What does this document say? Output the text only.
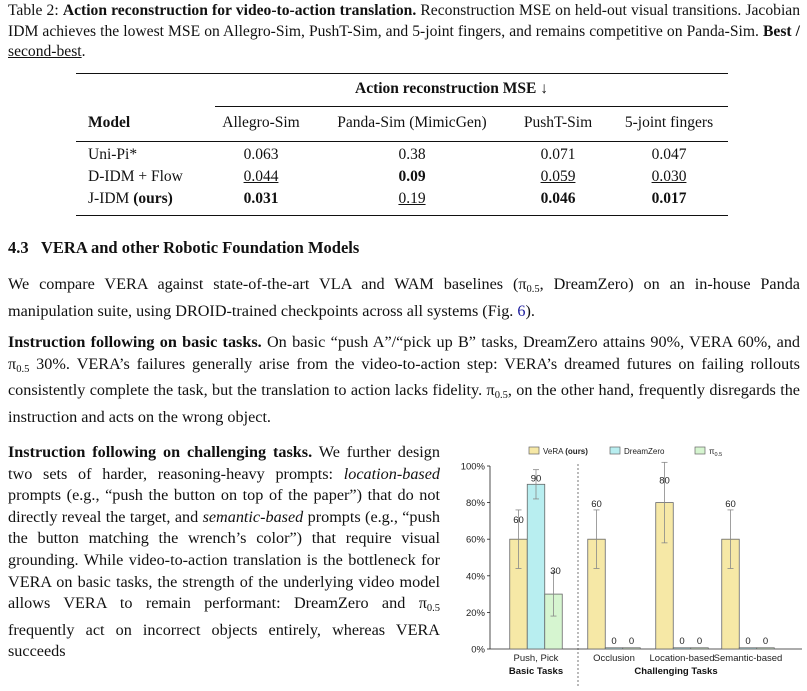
Table 2: Action reconstruction for video-to-action translation. Reconstruction MSE on held-out visual transitions. Jacobian IDM achieves the lowest MSE on Allegro-Sim, PushT-Sim, and 5-joint fingers, and remains competitive on Panda-Sim. Best / second-best.
Action reconstruction MSE ↓
Model	Allegro-Sim	Panda-Sim (MimicGen)	PushT-Sim	5-joint fingers
Uni-Pi*	0.063	0.38	0.071	0.047
D-IDM + Flow	0.044	0.09	0.059	0.030
J-IDM (ours)	0.031	0.19	0.046	0.017
4.3 VERA and other Robotic Foundation Models
We compare VERA against state-of-the-art VLA and WAM baselines ($\pi_{0.5}$, DreamZero) on an in-house Panda manipulation suite, using DROID-trained checkpoints across all systems (Fig. 6).
Instruction following on basic tasks. On basic “push A”/“pick up B” tasks, DreamZero attains 90%, VERA 60%, and $\pi_{0.5}$ 30%. VERA’s failures generally arise from the video-to-action step: VERA’s dreamed futures on failing rollouts consistently complete the task, but the translation to action lacks fidelity. $\pi_{0.5}$, on the other hand, frequently disregards the instruction and acts on the wrong object.
Instruction following on challenging tasks. We further design two sets of harder, reasoning-heavy prompts: location-based prompts (e.g., “push the button on top of the paper”) that do not directly reveal the target, and semantic-based prompts (e.g., “push the button matching the wrench’s color”) that require visual grounding. While video-to-action translation is the bottleneck for VERA on basic tasks, the strength of the underlying video model allows VERA to remain performant: DreamZero and $\pi_{0.5}$ frequently act on incorrect objects entirely, whereas VERA succeeds
VeRA (ours)	DreamZero	$\pi_{0.5}$
0%
20%
40%
60%
80%
100%
60
90
30
60
0 0
80
0 0
60
0 0
Push, Pick	Occlusion Location-based Semantic-based
Basic Tasks	Challenging Tasks
